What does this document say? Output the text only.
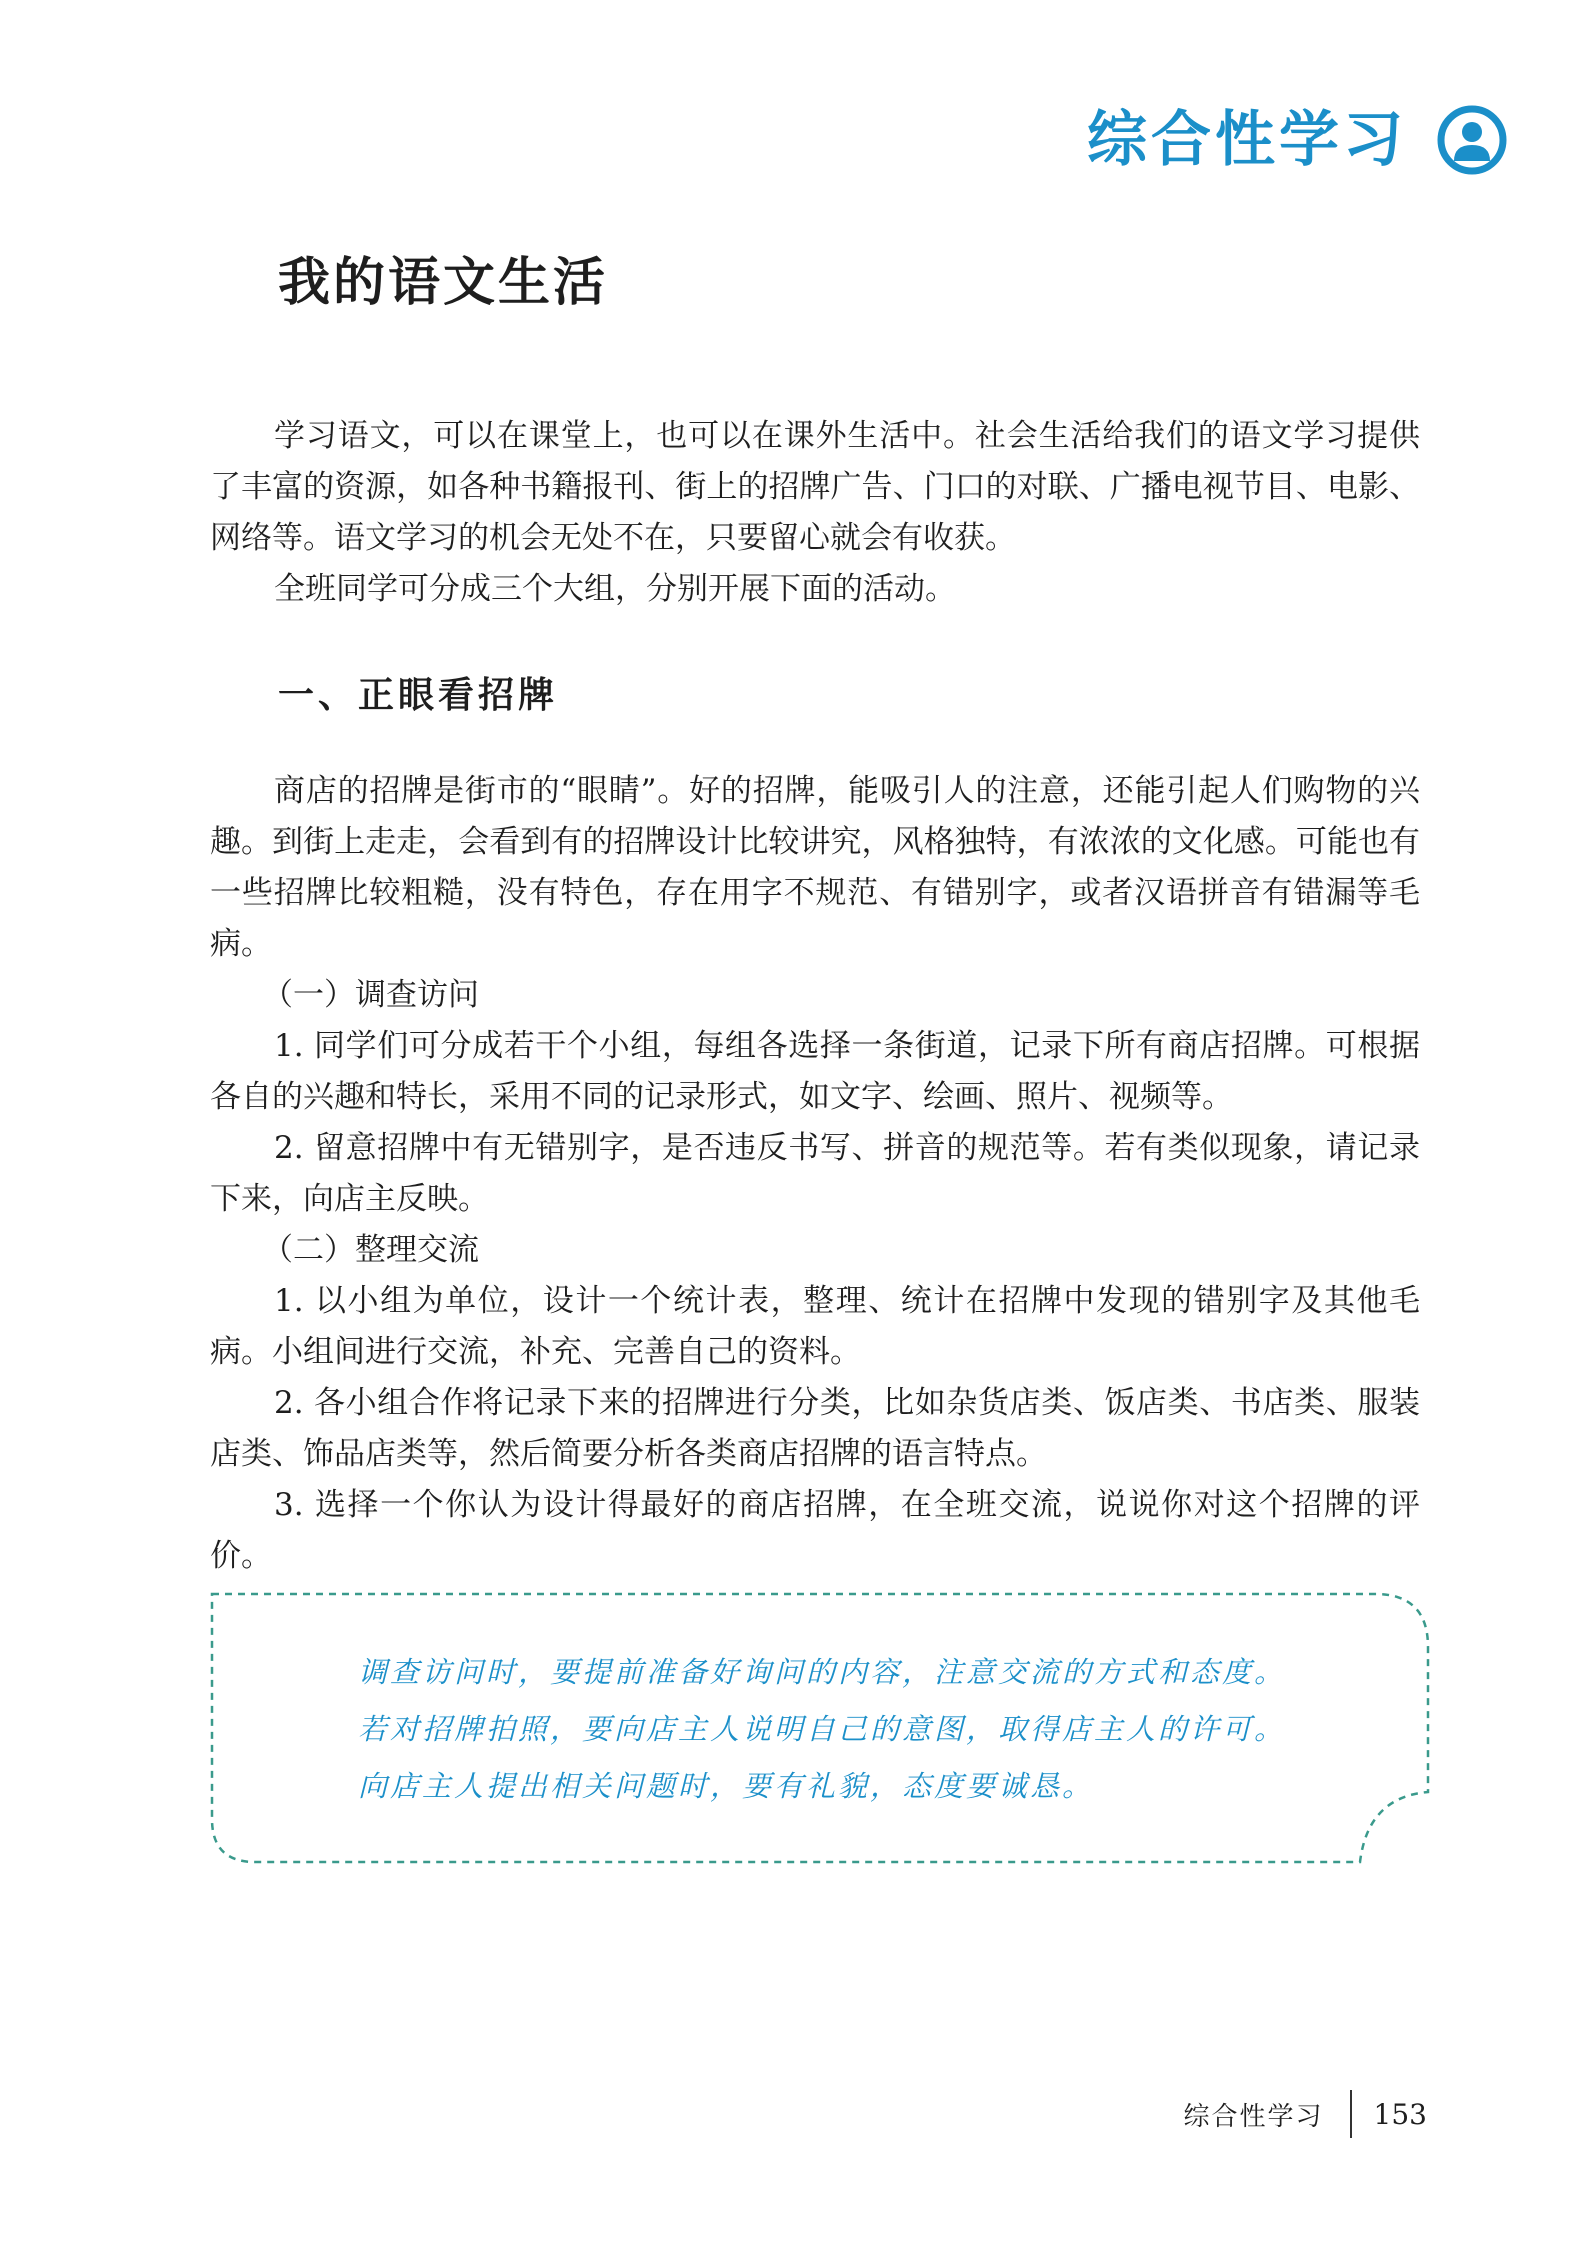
综合性学习
我的语文生活

学习语文，可以在课堂上，也可以在课外生活中。社会生活给我们的语文学习提供了丰富的资源，如各种书籍报刊、街上的招牌广告、门口的对联、广播电视节目、电影、网络等。语文学习的机会无处不在，只要留心就会有收获。

全班同学可分成三个大组，分别开展下面的活动。

一、正眼看招牌

商店的招牌是街市的“眼睛”。好的招牌，能吸引人的注意，还能引起人们购物的兴趣。到街上走走，会看到有的招牌设计比较讲究，风格独特，有浓浓的文化感。可能也有一些招牌比较粗糙，没有特色，存在用字不规范、有错别字，或者汉语拼音有错漏等毛病。

（一）调查访问

1. 同学们可分成若干个小组，每组各选择一条街道，记录下所有商店招牌。可根据各自的兴趣和特长，采用不同的记录形式，如文字、绘画、照片、视频等。

2. 留意招牌中有无错别字，是否违反书写、拼音的规范等。若有类似现象，请记录下来，向店主反映。

（二）整理交流

1. 以小组为单位，设计一个统计表，整理、统计在招牌中发现的错别字及其他毛病。小组间进行交流，补充、完善自己的资料。

2. 各小组合作将记录下来的招牌进行分类，比如杂货店类、饭店类、书店类、服装店类、饰品店类等，然后简要分析各类商店招牌的语言特点。

3. 选择一个你认为设计得最好的商店招牌，在全班交流，说说你对这个招牌的评价。

调查访问时，要提前准备好询问的内容，注意交流的方式和态度。
若对招牌拍照，要向店主人说明自己的意图，取得店主人的许可。
向店主人提出相关问题时，要有礼貌，态度要诚恳。
综合性学习	153
